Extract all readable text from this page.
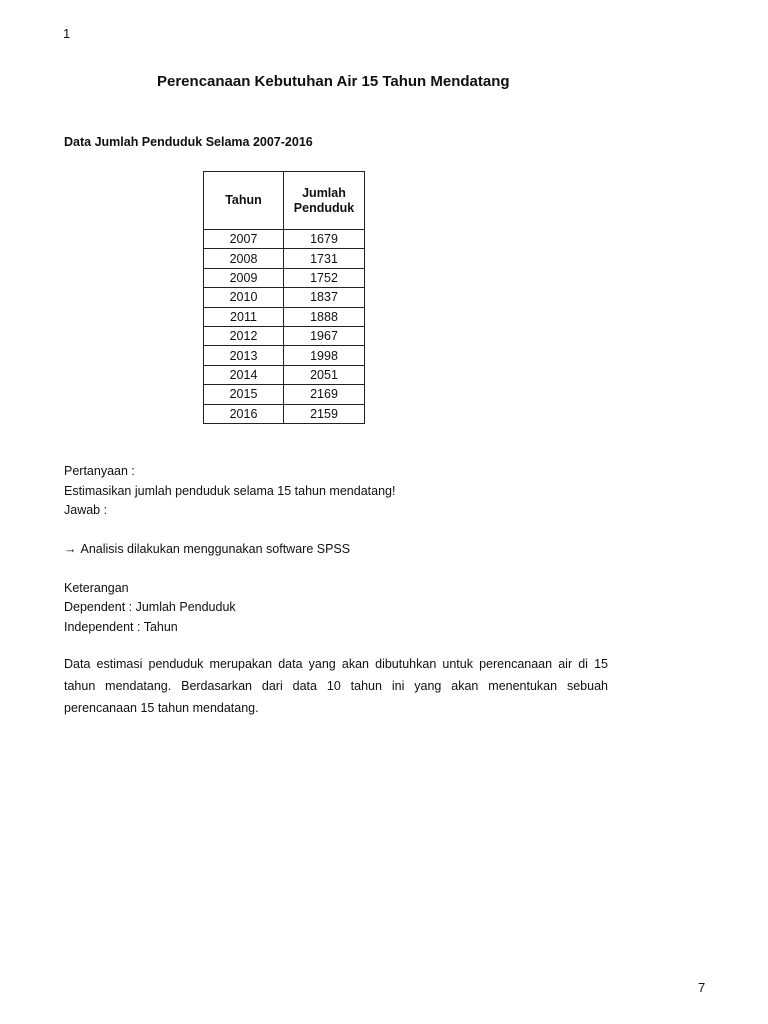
1
Perencanaan Kebutuhan Air 15 Tahun Mendatang
Data Jumlah Penduduk Selama 2007-2016
Tahun	Jumlah Penduduk
2007	1679
2008	1731
2009	1752
2010	1837
2011	1888
2012	1967
2013	1998
2014	2051
2015	2169
2016	2159
Pertanyaan :
Estimasikan jumlah penduduk selama 15 tahun mendatang!
Jawab :
→ Analisis dilakukan menggunakan software SPSS
Keterangan
Dependent : Jumlah Penduduk
Independent : Tahun
Data estimasi penduduk merupakan data yang akan dibutuhkan untuk perencanaan air di 15 tahun mendatang. Berdasarkan dari data 10 tahun ini yang akan menentukan sebuah perencanaan 15 tahun mendatang.
7
